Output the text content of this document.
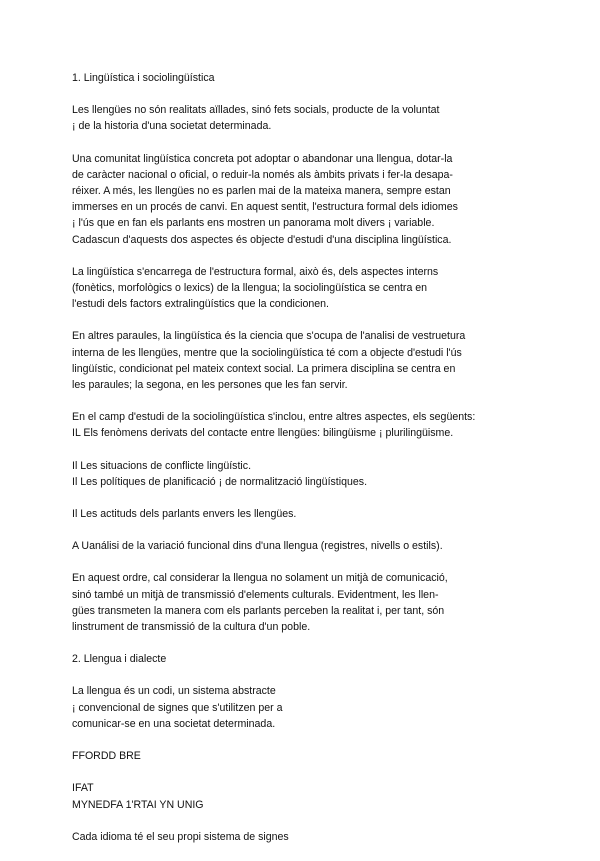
1. Lingüística i sociolingüística
Les llengües no són realitats aïllades, sinó fets socials, producte de la voluntat
¡ de la historia d'una societat determinada.
Una comunitat lingüística concreta pot adoptar o abandonar una llengua, dotar-la
de caràcter nacional o oficial, o reduir-la només als àmbits privats i fer-la desapa-
réixer. A més, les llengües no es parlen mai de la mateixa manera, sempre estan
immerses en un procés de canvi. En aquest sentit, l'estructura formal dels idiomes
¡ l'ús que en fan els parlants ens mostren un panorama molt divers ¡ variable.
Cadascun d'aquests dos aspectes és objecte d'estudi d'una disciplina lingüística.
La lingüística s'encarrega de l'estructura formal, això és, dels aspectes interns
(fonètics, morfològics o lexics) de la llengua; la sociolingüística se centra en
l'estudi dels factors extralingüístics que la condicionen.
En altres paraules, la lingüística és la ciencia que s'ocupa de l'analisi de vestruetura
interna de les llengües, mentre que la sociolingüística té com a objecte d'estudi l'ús
lingüístic, condicionat pel mateix context social. La primera disciplina se centra en
les paraules; la segona, en les persones que les fan servir.
En el camp d'estudi de la sociolingüística s'inclou, entre altres aspectes, els següents:
IL Els fenòmens derivats del contacte entre llengües: bilingüisme ¡ plurilingüisme.
Il Les situacions de conflicte lingüístic.
Il Les polítiques de planificació ¡ de normalització lingüístiques.
Il Les actituds dels parlants envers les llengües.
A Uanálisi de la variació funcional dins d'una llengua (registres, nivells o estils).
En aquest ordre, cal considerar la llengua no solament un mitjà de comunicació,
sinó també un mitjà de transmissió d'elements culturals. Evidentment, les llen-
gües transmeten la manera com els parlants perceben la realitat i, per tant, són
linstrument de transmissió de la cultura d'un poble.
2. Llengua i dialecte
La llengua és un codi, un sistema abstracte
¡ convencional de signes que s'utilitzen per a
comunicar-se en una societat determinada.
FFORDD BRE
IFAT
MYNEDFA 1'RTAI YN UNIG
Cada idioma té el seu propi sistema de signes
